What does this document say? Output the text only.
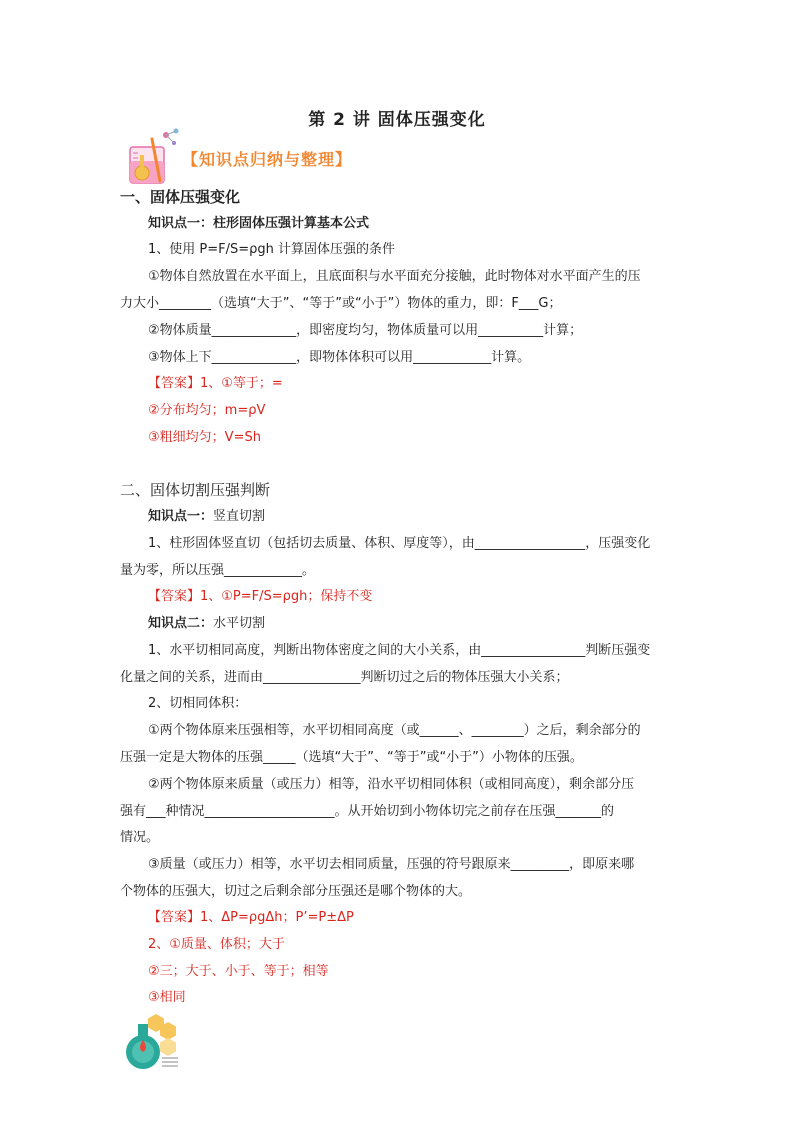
第 2 讲 固体压强变化
【知识点归纳与整理】
一、固体压强变化
知识点一：柱形固体压强计算基本公式
1、使用 P=F/S=ρgh 计算固体压强的条件
①物体自然放置在水平面上，且底面积与水平面充分接触，此时物体对水平面产生的压
力大小________（选填“大于”、“等于”或“小于”）物体的重力，即：F___G；
②物体质量_____________，即密度均匀，物体质量可以用__________计算；
③物体上下_____________，即物体体积可以用____________计算。
【答案】1、①等于；=
②分布均匀；m=ρV
③粗细均匀；V=Sh
二、固体切割压强判断
知识点一：竖直切割
1、柱形固体竖直切（包括切去质量、体积、厚度等），由_________________，压强变化
量为零，所以压强____________。
【答案】1、①P=F/S=ρgh；保持不变
知识点二：水平切割
1、水平切相同高度，判断出物体密度之间的大小关系，由________________判断压强变
化量之间的关系，进而由_______________判断切过之后的物体压强大小关系；
2、切相同体积：
①两个物体原来压强相等，水平切相同高度（或______、________）之后，剩余部分的
压强一定是大物体的压强_____（选填“大于”、“等于”或“小于”）小物体的压强。
②两个物体原来质量（或压力）相等，沿水平切相同体积（或相同高度），剩余部分压
强有___种情况____________________。从开始切到小物体切完之前存在压强_______的
情况。
③质量（或压力）相等，水平切去相同质量，压强的符号跟原来_________，即原来哪
个物体的压强大，切过之后剩余部分压强还是哪个物体的大。
【答案】1、ΔP=ρgΔh；P’=P±ΔP
2、①质量、体积；大于
②三；大于、小于、等于；相等
③相同
